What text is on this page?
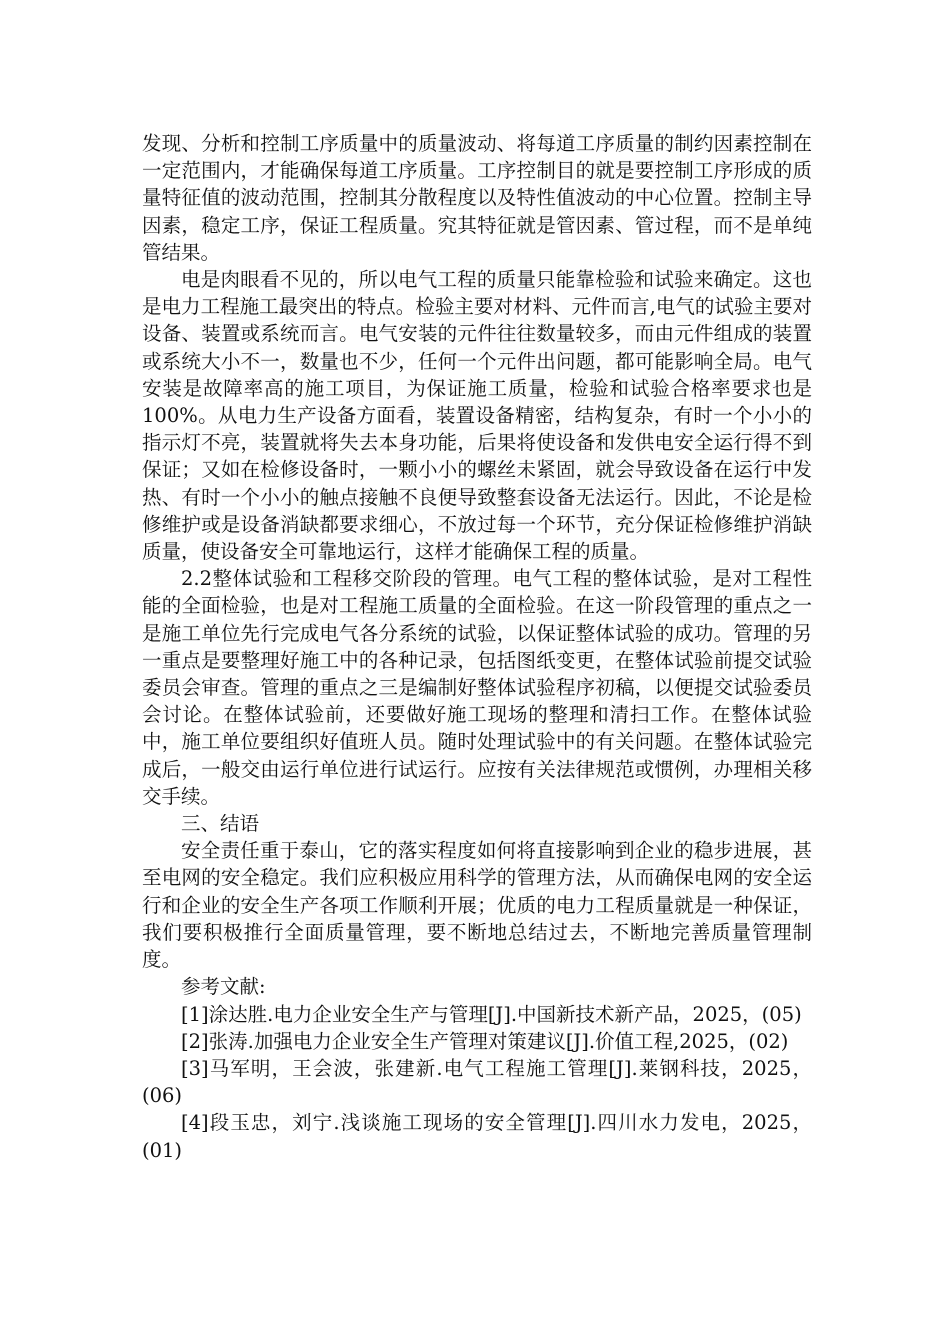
发现、分析和控制工序质量中的质量波动、将每道工序质量的制约因素控制在一定范围内，才能确保每道工序质量。工序控制目的就是要控制工序形成的质量特征值的波动范围，控制其分散程度以及特性值波动的中心位置。控制主导因素，稳定工序，保证工程质量。究其特征就是管因素、管过程，而不是单纯管结果。

电是肉眼看不见的，所以电气工程的质量只能靠检验和试验来确定。这也是电力工程施工最突出的特点。检验主要对材料、元件而言,电气的试验主要对设备、装置或系统而言。电气安装的元件往往数量较多，而由元件组成的装置或系统大小不一，数量也不少，任何一个元件出问题，都可能影响全局。电气安装是故障率高的施工项目，为保证施工质量，检验和试验合格率要求也是100%。从电力生产设备方面看，装置设备精密，结构复杂，有时一个小小的指示灯不亮，装置就将失去本身功能，后果将使设备和发供电安全运行得不到保证；又如在检修设备时，一颗小小的螺丝未紧固，就会导致设备在运行中发热、有时一个小小的触点接触不良便导致整套设备无法运行。因此，不论是检修维护或是设备消缺都要求细心，不放过每一个环节，充分保证检修维护消缺质量，使设备安全可靠地运行，这样才能确保工程的质量。

2.2整体试验和工程移交阶段的管理。电气工程的整体试验，是对工程性能的全面检验，也是对工程施工质量的全面检验。在这一阶段管理的重点之一是施工单位先行完成电气各分系统的试验，以保证整体试验的成功。管理的另一重点是要整理好施工中的各种记录，包括图纸变更，在整体试验前提交试验委员会审查。管理的重点之三是编制好整体试验程序初稿，以便提交试验委员会讨论。在整体试验前，还要做好施工现场的整理和清扫工作。在整体试验中，施工单位要组织好值班人员。随时处理试验中的有关问题。在整体试验完成后，一般交由运行单位进行试运行。应按有关法律规范或惯例，办理相关移交手续。

三、结语

安全责任重于泰山，它的落实程度如何将直接影响到企业的稳步进展，甚至电网的安全稳定。我们应积极应用科学的管理方法，从而确保电网的安全运行和企业的安全生产各项工作顺利开展；优质的电力工程质量就是一种保证，我们要积极推行全面质量管理，要不断地总结过去，不断地完善质量管理制度。

参考文献:

[1]涂达胜.电力企业安全生产与管理[J].中国新技术新产品，2025，(05)

[2]张涛.加强电力企业安全生产管理对策建议[J].价值工程,2025，(02)

[3]马军明，王会波，张建新.电气工程施工管理[J].莱钢科技，2025，(06)

[4]段玉忠，刘宁.浅谈施工现场的安全管理[J].四川水力发电，2025，(01)
